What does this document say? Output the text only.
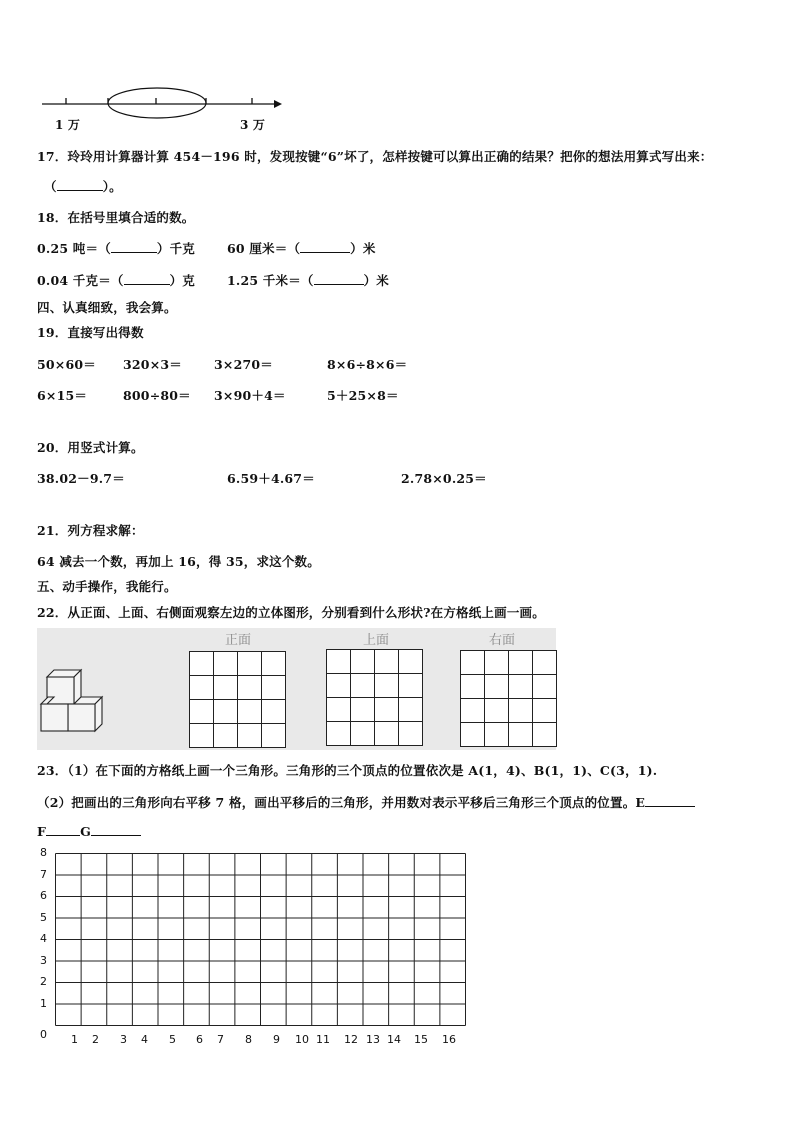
1 万	3 万
17．玲玲用计算器计算 454－196 时，发现按键“6”坏了，怎样按键可以算出正确的结果？把你的想法用算式写出来：
（	）。
18．在括号里填合适的数。
0.25 吨＝（	）千克	60 厘米＝（	）米
0.04 千克＝（	）克	1.25 千米＝（	）米
四、认真细致，我会算。
19．直接写出得数
50×60＝ 320×3＝	3×270＝	8×6÷8×6＝
6×15＝	800÷80＝ 3×90＋4＝	5＋25×8＝
20．用竖式计算。
38.02－9.7＝	6.59＋4.67＝	2.78×0.25＝
21．列方程求解：
64 减去一个数，再加上 16，得 35，求这个数。
五、动手操作，我能行。
22．从正面、上面、右侧面观察左边的立体图形，分别看到什么形状?在方格纸上画一画。
正面	上面	右面
23．（1）在下面的方格纸上画一个三角形。三角形的三个顶点的位置依次是 A(1，4)、B(1，1)、C(3，1).
（2）把画出的三角形向右平移 7 格，画出平移后的三角形，并用数对表示平移后三角形三个顶点的位置。E
F	G
8
7
6
5
4
3
2
1
0 1 2 3 4 5 6 7 8 9 10 11 12 13 14 15 16
